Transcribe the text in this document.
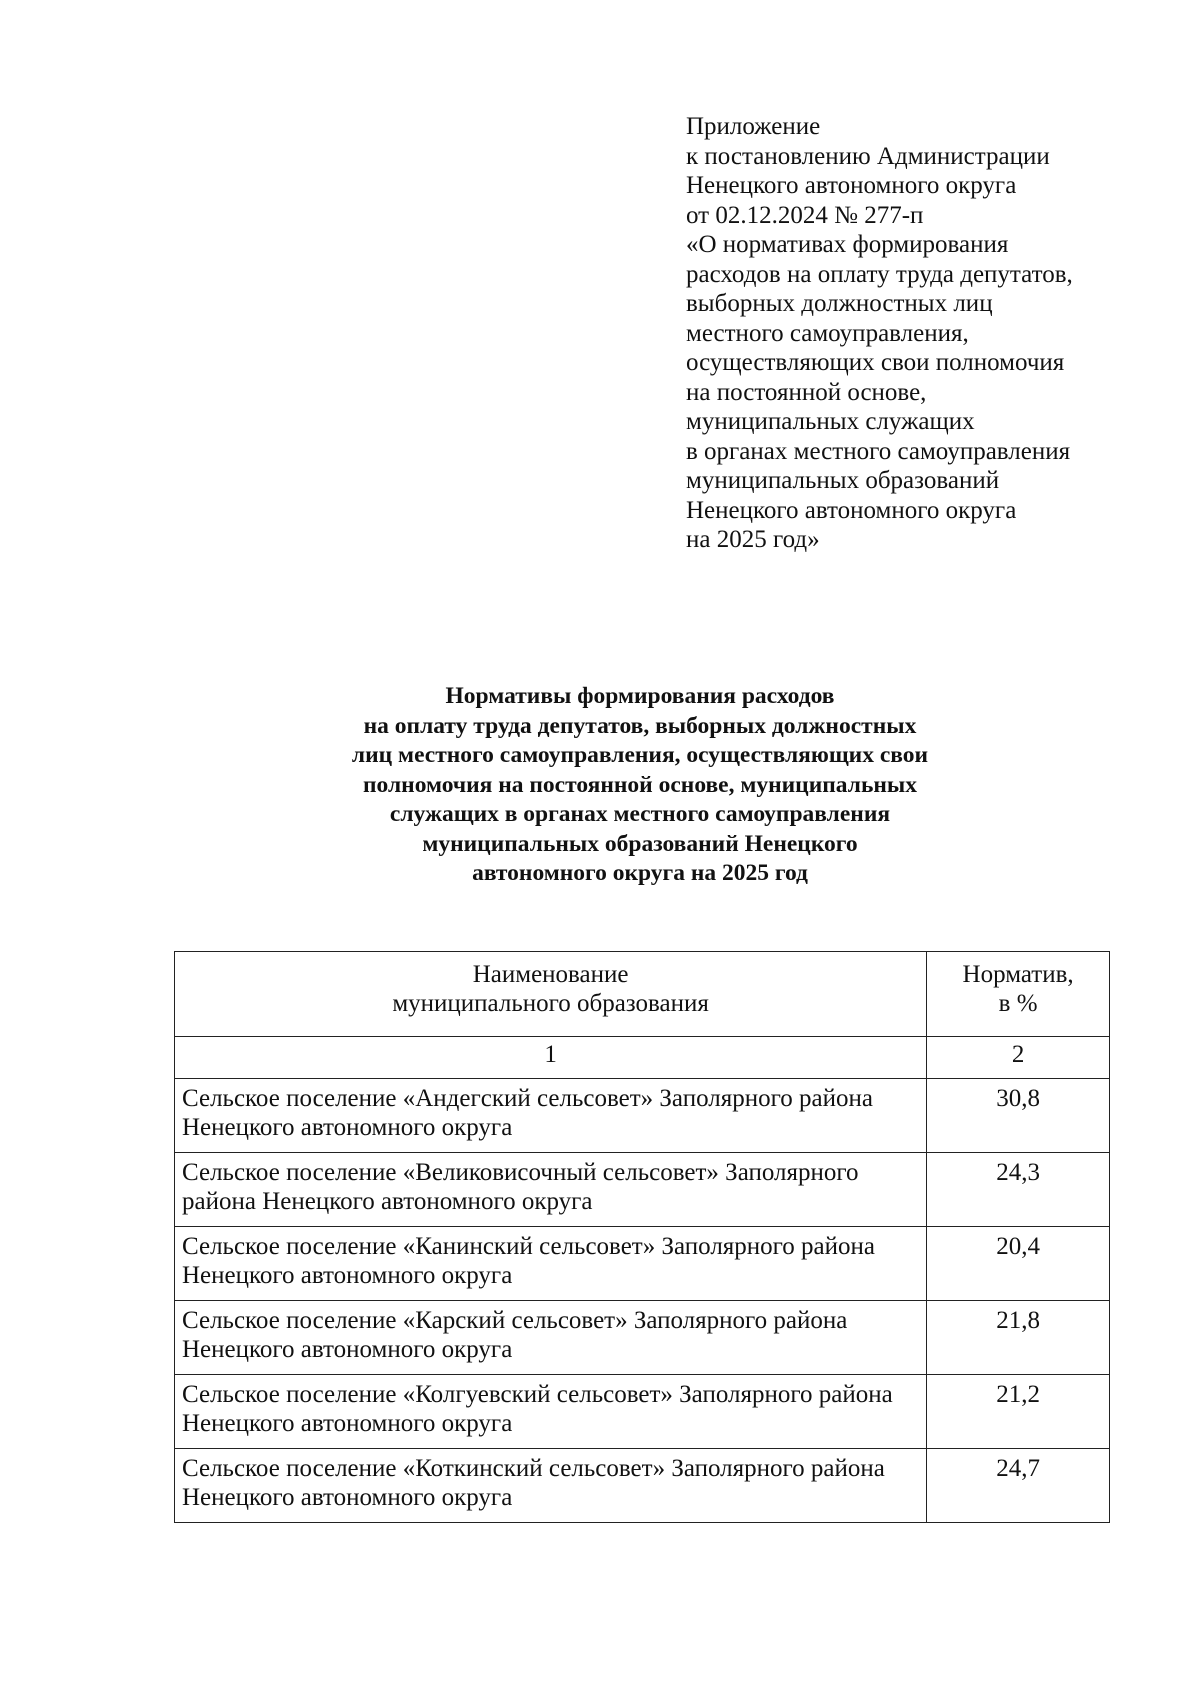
Приложение
к постановлению Администрации
Ненецкого автономного округа
от 02.12.2024 № 277-п
«О нормативах формирования
расходов на оплату труда депутатов,
выборных должностных лиц
местного самоуправления,
осуществляющих свои полномочия
на постоянной основе,
муниципальных служащих
в органах местного самоуправления
муниципальных образований
Ненецкого автономного округа
на 2025 год»
Нормативы формирования расходов
на оплату труда депутатов, выборных должностных
лиц местного самоуправления, осуществляющих свои
полномочия на постоянной основе, муниципальных
служащих в органах местного самоуправления
муниципальных образований Ненецкого
автономного округа на 2025 год
Наименование
муниципального образования	Норматив,
в %

1	2

Сельское поселение «Андегский сельсовет» Заполярного района
Ненецкого автономного округа	30,8

Сельское поселение «Великовисочный сельсовет» Заполярного
района Ненецкого автономного округа	24,3

Сельское поселение «Канинский сельсовет» Заполярного района
Ненецкого автономного округа	20,4

Сельское поселение «Карский сельсовет» Заполярного района
Ненецкого автономного округа	21,8

Сельское поселение «Колгуевский сельсовет» Заполярного района
Ненецкого автономного округа	21,2

Сельское поселение «Коткинский сельсовет» Заполярного района
Ненецкого автономного округа	24,7
